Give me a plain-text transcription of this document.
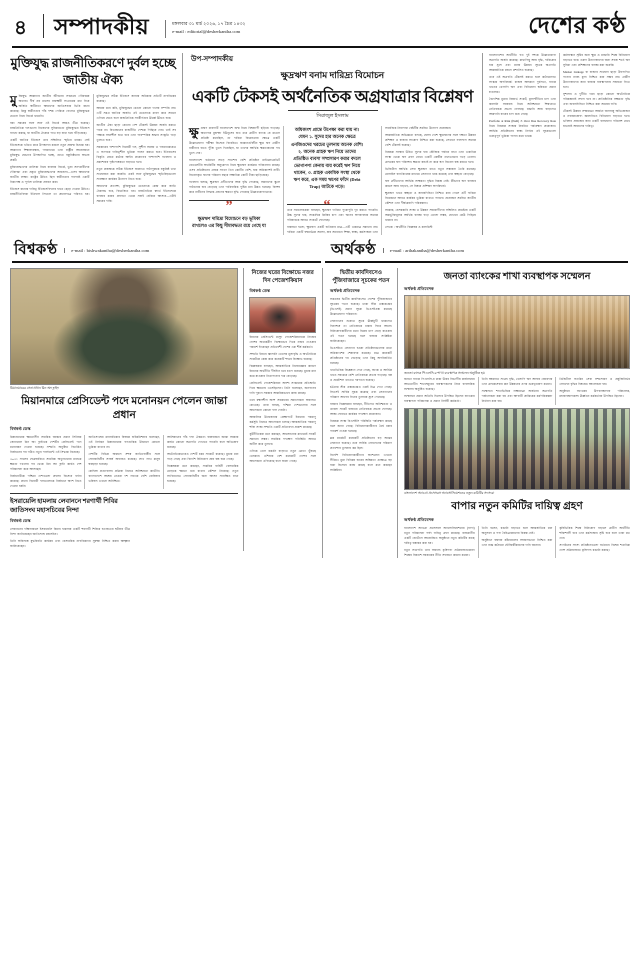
৪	সম্পাদকীয়	মঙ্গলবার ৩১ মার্চ ২০২৬, ১৭ চৈত্র ১৪৩২
e-mail : editorial@desherkantha.com	দেশের কণ্ঠ
মুক্তিযুদ্ধ রাজনীতিকরণে দুর্বল হচ্ছে জাতীয় ঐক্য

মুক্তিযুদ্ধ আমাদের জাতীয় জীবনের সবচেয়ে গৌরবময় অধ্যায়। দীর্ঘ নয় মাসের রক্তক্ষয়ী সংগ্রামের মধ্য দিয়ে অর্জিত স্বাধীনতা আমাদের জাতিসত্তার ভিত্তি রচনা করেছে। কিন্তু স্বাধীনতার পাঁচ দশক পেরিয়ে গেলেও মুক্তিযুদ্ধের চেতনা নিয়ে বিতর্ক থামেনি।

বরং সময়ের সঙ্গে সঙ্গে এই বিতর্ক আরও তীব্র হয়েছে। রাজনৈতিক দলগুলো নিজেদের সুবিধামতো মুক্তিযুদ্ধের ইতিহাস ব্যাখ্যা করছে, যা জাতীয় ঐক্যের পথে বড় বাধা হয়ে দাঁড়িয়েছে।

একটি জাতির ইতিহাস তার সম্মিলিত স্মৃতির ধারক। সেই ইতিহাসকে খণ্ডিত করে উপস্থাপন করলে নতুন প্রজন্ম বিভ্রান্ত হয়। আমাদের শিক্ষাব্যবস্থায়, গণমাধ্যমে এবং রাষ্ট্রীয় আয়োজনে মুক্তিযুদ্ধ যেভাবে উপস্থাপিত হচ্ছে, তাতে বস্তুনিষ্ঠতার অভাব প্রকট।

মুক্তিযোদ্ধাদের তালিকা নিয়ে বারবার বিতর্ক, ভুয়া সনদধারীদের দৌরাত্ম্য এবং প্রকৃত মুক্তিযোদ্ধাদের অবহেলা—এসব আমাদের জাতীয় লজ্জা। রাষ্ট্রের উচিত ছিল স্বাধীনতার পরপরই একটি নিরপেক্ষ ও পূর্ণাঙ্গ তালিকা প্রণয়ন করা।

ইতিহাস রচনার দায়িত্ব ইতিহাসবিদদের হাতে ছেড়ে দেওয়া উচিত। রাজনীতিবিদরা ইতিহাস লিখলে তা প্রচারপত্রে পরিণত হয়। মুক্তিযুদ্ধের সঠিক ইতিহাস জানার অধিকার প্রতিটি নাগরিকের রয়েছে।

আমরা মনে করি, মুক্তিযুদ্ধের চেতনা কোনো দলের সম্পত্তি নয়। এটি সমগ্র জাতির অর্জন। এই চেতনাকে ধারণ করে সামনে এগিয়ে যেতে হলে রাজনৈতিক সংকীর্ণতার ঊর্ধ্বে উঠতে হবে।

জাতীয় ঐক্য ছাড়া কোনো দেশ টেকসই উন্নয়ন অর্জন করতে পারে না। বিভাজনের রাজনীতি দেশকে পিছিয়ে দেয়। তাই সব পক্ষকে সহনশীল হতে হবে এবং পারস্পরিক শ্রদ্ধার সংস্কৃতি গড়ে তুলতে হবে।

সরকারের পাশাপাশি বিরোধী দল, সুশীল সমাজ ও গণমাধ্যমকেও এ ব্যাপারে দায়িত্বশীল ভূমিকা পালন করতে হবে। ইতিহাসের বিকৃতি রোধে কঠোর আইন প্রয়োগের পাশাপাশি গবেষণা ও প্রকাশনায় পৃষ্ঠপোষকতা বাড়াতে হবে।

নতুন প্রজন্মকে সঠিক ইতিহাস জানাতে পাঠ্যপুস্তকে বস্তুনিষ্ঠ তথ্য সংযোজন করা জরুরি। একই সঙ্গে মুক্তিযুদ্ধের স্মৃতিচিহ্নগুলো সংরক্ষণে কার্যকর উদ্যোগ নিতে হবে।

আমাদের প্রত্যাশা, মুক্তিযুদ্ধের চেতনাকে কেন্দ্র করে জাতি ঐক্যবদ্ধ হবে, বিভাজিত নয়। রাজনৈতিক স্বার্থে ইতিহাসকে ব্যবহার করার প্রবণতা থেকে সবাই বেরিয়ে আসবে—এটাই সময়ের দাবি।

উপ-সম্পাদকীয়
ক্ষুদ্রঋণ বনাম দারিদ্র্য বিমোচন
একটি টেকসই অর্থনৈতিক অগ্রযাত্রার বিশ্লেষণ
সিরাজুল ইসলাম

ক্ষু দ্রঋণ ধারণাটি বাংলাদেশে জন্ম নিয়ে বিশ্বব্যাপী ছড়িয়ে পড়েছে। অধ্যাপক মুহাম্মদ ইউনূসের হাত ধরে গ্রামীণ ব্যাংক যে মডেল প্রতিষ্ঠা করেছিল, তা দারিদ্র্য বিমোচনের ক্ষেত্রে একটি উল্লেখযোগ্য পরীক্ষা হিসেবে বিবেচিত। জামানতবিহীন ক্ষুদ্র ঋণ গ্রামীণ নারীদের হাতে পুঁজি তুলে দিয়েছিল, যা তাদের আর্থিক ক্ষমতায়নের পথ খুলে দেয়।

বাংলাদেশে বর্তমানে সাড়ে সাতশ'র বেশি প্রতিষ্ঠান মাইক্রোক্রেডিট রেগুলেটরি অথরিটির অনুমোদন নিয়ে ক্ষুদ্রঋণ কার্যক্রম পরিচালনা করছে। এসব প্রতিষ্ঠানের গ্রাহক সংখ্যা তিন কোটির বেশি, যার অধিকাংশই নারী। বিতরণকৃত ঋণের পরিমাণ বছরে লক্ষাধিক কোটি টাকা ছাড়িয়েছে।

গবেষণা বলছে, ক্ষুদ্রঋণ গ্রহীতাদের আয় বৃদ্ধি পেয়েছে, সন্তানদের স্কুলে পাঠানোর হার বেড়েছে এবং পারিবারিক পুষ্টির মান উন্নত হয়েছে। বিশেষ করে নারীদের সিদ্ধান্ত গ্রহণের ক্ষমতা বৃদ্ধি পেয়েছে উল্লেখযোগ্যভাবে।

”
ক্ষুদ্রঋণ দারিদ্র্য বিমোচনে বড় ভূমিকা রাখলেও এর কিছু সীমাবদ্ধতা রয়ে গেছে যা অধিকাংশ প্রান্তে উপেক্ষা করা যায় না। যেমন ১. সুদের হার অনেক ক্ষেত্রে এনজিওদের খরচের তুলনায় অনেক বেশি। ২. অনেক গ্রাহক ঋণ নিয়ে তাদের প্রতিষ্ঠিত ব্যবসা সম্প্রসারণ করার বদলে ভোগ্যপণ্য কেনায় ব্যয় করেই ঋণ নিয়ে থাকেন, ৩. গ্রাহক একাধিক সংস্থা থেকে ঋণ করে, এক সময় ঋণের ফাঁদে (Debt Trap) আটকে পড়ে।
”

তবে সমালোচকরা বলছেন, ক্ষুদ্রঋণ দারিদ্র্য পুরোপুরি দূর করতে পারেনি। উচ্চ সুদের হার, সাপ্তাহিক কিস্তির চাপ এবং ঋণের অপব্যবহার অনেক পরিবারকে আরও সংকটে ফেলেছে।

বাস্তবতা হলো, ক্ষুদ্রঋণ একটি হাতিয়ার মাত্র—এটি একমাত্র সমাধান নয়। দারিদ্র্য একটি বহুমাত্রিক সমস্যা, যার সমাধানে শিক্ষা, স্বাস্থ্য, কর্মসংস্থান এবং সামাজিক নিরাপত্তা বেষ্টনীর সমন্বিত উদ্যোগ প্রয়োজন।

আন্তর্জাতিক অভিজ্ঞতা বলছে, যেসব দেশে ক্ষুদ্রঋণের সঙ্গে দক্ষতা উন্নয়ন প্রশিক্ষণ ও বাজার সংযোগ নিশ্চিত করা হয়েছে, সেখানে ফলাফল অনেক বেশি টেকসই হয়েছে।

নিয়ন্ত্রক সংস্থার উচিত সুদের হার যৌক্তিক পর্যায়ে রাখা এবং একাধিক সংস্থা থেকে ঋণ গ্রহণ রোধে একটি কেন্দ্রীয় তথ্যভাণ্ডার গড়ে তোলা। গ্রাহকের ঋণ পরিশোধ ক্ষমতা যাচাই না করে ঋণ বিতরণ বন্ধ করতে হবে।

ডিজিটাল আর্থিক সেবা ক্ষুদ্রঋণ খাতে নতুন সম্ভাবনা তৈরি করেছে। মোবাইল ব্যাংকিংয়ের মাধ্যমে লেনদেন খরচ কমেছে এবং স্বচ্ছতা বেড়েছে।

ঋণ গ্রহীতাদের আর্থিক সাক্ষরতা বৃদ্ধির বিকল্প নেই। কীভাবে ঋণ ব্যবহার করলে আয় বাড়বে, সে বিষয়ে প্রশিক্ষণ অপরিহার্য।

ক্ষুদ্রঋণ খাতে স্বচ্ছতা ও জবাবদিহিতা নিশ্চিত করা গেলে এটি দারিদ্র্য বিমোচনে আরও কার্যকর ভূমিকা রাখতে পারবে। প্রয়োজন সমন্বিত জাতীয় কৌশল এবং দীর্ঘমেয়াদি পরিকল্পনা।

সরকার, বেসরকারি সংস্থা ও উন্নয়ন সহযোগীদের সম্মিলিত প্রচেষ্টায় একটি অন্তর্ভুক্তিমূলক আর্থিক ব্যবস্থা গড়ে তোলা সম্ভব, যেখানে কেউ পিছিয়ে থাকবে না।

লেখক : অর্থনীতি বিশ্লেষক ও কলামিস্ট

বাংলাদেশের অর্থনীতি গত দুই দশকে উল্লেখযোগ্য অগ্রগতি অর্জন করেছে। মাথাপিছু আয় বৃদ্ধি, দারিদ্র্যের হার হ্রাস এবং মানব উন্নয়ন সূচকে অগ্রগতি আন্তর্জাতিক মহলে প্রশংসিত হয়েছে।

তবে এই অগ্রগতি টেকসই করতে হলে কাঠামোগত সংস্কার অপরিহার্য। রাজস্ব আহরণে দুর্বলতা, ব্যাংক খাতের খেলাপি ঋণ এবং বিনিয়োগ স্থবিরতা প্রধান চ্যালেঞ্জ।

বৈদেশিক মুদ্রার রিজার্ভ সংকট, মূল্যস্ফীতির চাপ এবং জ্বালানি সরবরাহ নিয়ে অনিশ্চয়তা শিল্পখাতে নেতিবাচক প্রভাব ফেলছে। রপ্তানি আয় বাড়লেও আমদানি ব্যয়ের চাপ রয়ে গেছে।

Portfolio at Risk (PAR) ও Over Due Recovery Rate নিয়ে নিয়ন্ত্রক সংস্থার নিয়মিত পর্যবেক্ষণ প্রয়োজন। আর্থিক প্রতিষ্ঠানের স্বাস্থ্য নির্ণয়ে এই সূচকগুলো গুরুত্বপূর্ণ ভূমিকা পালন করে থাকে।

কর্মসংস্থান সৃষ্টির জন্য ক্ষুদ্র ও মাঝারি শিল্পে বিনিয়োগ বাড়াতে হবে। তরুণ উদ্যোক্তাদের জন্য সহজ শর্তে ঋণ সুবিধা এবং প্রশিক্ষণের ব্যবস্থা করা জরুরি।

Market Linkage বা বাজার সংযোগ ছাড়া উৎপাদিত পণ্যের ন্যায্য মূল্য নিশ্চিত করা সম্ভব নয়। গ্রামীণ উদ্যোক্তাদের জন্য বাজার ব্যবস্থাপনায় সহায়তা দিতে হবে।

সুশাসন ও দুর্নীতি দমন ছাড়া কোনো অর্থনৈতিক পরিকল্পনাই সফল হবে না। প্রাতিষ্ঠানিক সক্ষমতা বৃদ্ধি এবং জবাবদিহিতা নিশ্চিত করা সময়ের দাবি।

টেকসই উন্নয়ন লক্ষ্যমাত্রা অর্জনে জলবায়ু অভিযোজন ও নবায়নযোগ্য জ্বালানিতে বিনিয়োগ বাড়াতে হবে। ভবিষ্যৎ প্রজন্মের জন্য একটি বাসযোগ্য পরিবেশ রেখে যাওয়াই আমাদের দায়িত্ব।

বিশ্বকণ্ঠ	e-mail : bishwakantha@desherkantha.com	অর্থকণ্ঠ	e-mail : arthakantha@desherkantha.com
মিয়ানমারের সেনাপ্রধান মিন অং হ্লাইং
মিয়ানমারে প্রেসিডেন্ট পদে মনোনয়ন পেলেন জান্তা প্রধান
বিশ্বকণ্ঠ ডেস্ক

মিয়ানমারের ক্ষমতাসীন সামরিক জান্তার প্রধান সিনিয়র জেনারেল মিন অং হ্লাইংকে দেশটির প্রেসিডেন্ট পদে মনোনয়ন দেওয়া হয়েছে। সম্প্রতি অনুষ্ঠিত বিতর্কিত নির্বাচনের পর গঠিত নতুন পার্লামেন্ট এই সিদ্ধান্ত নিয়েছে।

২০২১ সালের ফেব্রুয়ারিতে সামরিক অভ্যুত্থানের মাধ্যমে ক্ষমতা দখলের পর থেকে মিন অং হ্লাইং কার্যত দেশ পরিচালনা করে আসছেন।

নির্বাচনটিকে পশ্চিমা দেশগুলো প্রহসন হিসেবে বর্ণনা করেছে। প্রধান বিরোধী দলগুলোকে নির্বাচনে অংশ নিতে দেওয়া হয়নি।

জাতিসংঘের মানবাধিকার বিষয়ক হাইকমিশনার বলেছেন, এই নির্বাচন মিয়ানমারের গণতান্ত্রিক উত্তরণে কোনো ভূমিকা রাখবে না।

দেশটির বিভিন্ন অঞ্চলে সশস্ত্র জাতিগোষ্ঠীর সঙ্গে সেনাবাহিনীর সংঘর্ষ অব্যাহত রয়েছে। লাখ লাখ মানুষ ঘরছাড়া হয়েছে।

রোহিঙ্গা প্রত্যাবাসন প্রক্রিয়া নিয়েও অনিশ্চয়তা কাটেনি। বাংলাদেশে আশ্রয় নেওয়া দশ লাখের বেশি রোহিঙ্গার ভবিষ্যৎ এখনো অনিশ্চিত।

আসিয়ানের পাঁচ দফা ঐকমত্য বাস্তবায়নে জান্তা সরকার কার্যত কোনো অগ্রগতি দেখাতে পারেনি বলে অভিযোগ রয়েছে।

অর্থনৈতিকভাবেও দেশটি চরম সংকটে রয়েছে। মুদ্রার মান পড়ে গেছে এবং বিদেশি বিনিয়োগ প্রায় বন্ধ হয়ে গেছে।

বিশ্লেষকরা মনে করছেন, সামরিক বাহিনী বেসামরিক মোড়কে ক্ষমতা ধরে রাখার কৌশল নিয়েছে। নতুন সংবিধানেও সেনাবাহিনীর জন্য আসন সংরক্ষিত রাখা হয়েছে।

ইসরায়েলি হামলায় লেবাননে শরণার্থী শিবির জাতিসংঘ মহাসচিবের নিন্দা
বিশ্বকণ্ঠ ডেস্ক

লেবাননের দক্ষিণাঞ্চলে ইসরায়েলি বিমান হামলায় একটি শরণার্থী শিবিরে হতাহতের ঘটনায় তীব্র নিন্দা জানিয়েছেন জাতিসংঘ মহাসচিব।

তিনি অবিলম্বে যুদ্ধবিরতি কার্যকর এবং বেসামরিক নাগরিকদের সুরক্ষা নিশ্চিত করার আহ্বান জানিয়েছেন।

নিজের ঘরের বিক্ষোভে নজর দিন পেজেশকিয়ান
বিশ্বকণ্ঠ ডেস্ক

ইরানের প্রেসিডেন্ট মাসুদ পেজেশকিয়ানকে নিজের দেশের অভ্যন্তরীণ বিক্ষোভের দিকে নজর দেওয়ার পরামর্শ দিয়েছেন প্রতিবেশী দেশের এক শীর্ষ কর্মকর্তা।

সম্প্রতি ইরানে জ্বালানি তেলের মূল্যবৃদ্ধি ও অর্থনৈতিক সংকটকে কেন্দ্র করে কয়েকটি শহরে বিক্ষোভ হয়েছে।

বিশ্লেষকরা বলছেন, আন্তর্জাতিক নিষেধাজ্ঞার কারণে ইরানের অর্থনীতি দীর্ঘদিন ধরে চাপে রয়েছে। মুদ্রার মান কমে যাওয়ায় নিত্যপণ্যের দাম বেড়েছে।

প্রেসিডেন্ট পেজেশকিয়ান অবশ্য সংস্কারের প্রতিশ্রুতি দিয়ে ক্ষমতায় এসেছিলেন। তিনি বলেছেন, জনগণের দাবি পূরণে সরকার আন্তরিকভাবে কাজ করছে।

তবে রক্ষণশীল অংশ সরকারের সমালোচনা অব্যাহত রেখেছে। তারা বলছে, পশ্চিমা দেশগুলোর সঙ্গে আলোচনা কোনো ফল দেয়নি।

আঞ্চলিক উত্তেজনার প্রেক্ষাপটে ইরানের পরমাণু কর্মসূচি নিয়েও আলোচনা চলছে। আন্তর্জাতিক পরমাণু শক্তি সংস্থা সম্প্রতি একটি প্রতিবেদন প্রকাশ করেছে।

কূটনীতিকরা মনে করছেন, আলোচনার মাধ্যমেই সংকট সমাধান সম্ভব। সামরিক পদক্ষেপ পরিস্থিতি আরও জটিল করে তুলবে।

এদিকে তেল রপ্তানি বাড়াতে নতুন ক্রেতা খুঁজছে তেহরান। এশিয়ার বেশ কয়েকটি দেশের সঙ্গে আলোচনা এগিয়েছে বলে জানা গেছে।

দ্বিতীয় কার্যদিবসেও পুঁজিবাজারে সূচকের পতন
অর্থকণ্ঠ প্রতিবেদক

সপ্তাহের দ্বিতীয় কার্যদিবসেও দেশের পুঁজিবাজারে সূচকের পতন হয়েছে। ঢাকা স্টক এক্সচেঞ্জের (ডিএসই) প্রধান সূচক ডিএসইএক্স কমেছে উল্লেখযোগ্য পরিমাণে।

লেনদেনের শুরুতে সূচক ঊর্ধ্বমুখী থাকলেও দিনশেষে তা নেতিবাচক ধারায় ফিরে আসে। বিনিয়োগকারীদের মধ্যে বিক্রয় চাপ বেড়ে যাওয়ায় এই পতন হয়েছে বলে বাজার সংশ্লিষ্টরা জানিয়েছেন।

ডিএসইতে লেনদেন হওয়া প্রতিষ্ঠানগুলোর মধ্যে অধিকাংশের শেয়ারদর কমেছে। মাত্র কয়েকটি প্রতিষ্ঠানের দর বেড়েছে এবং কিছু অপরিবর্তিত রয়েছে।

খাতভিত্তিক বিশ্লেষণে দেখা গেছে, ব্যাংক ও আর্থিক খাতে সবচেয়ে বেশি নেতিবাচক প্রভাব পড়েছে। বস্ত্র ও প্রকৌশল খাতেও দরপতন হয়েছে।

চট্টগ্রাম স্টক এক্সচেঞ্জেও একই চিত্র দেখা গেছে। সিএসই সার্বিক সূচক কমেছে এবং লেনদেনের পরিমাণ আগের দিনের তুলনায় হ্রাস পেয়েছে।

বাজার বিশ্লেষকরা বলছেন, নীতিগত অনিশ্চয়তা ও তারল্য সংকট বাজারে নেতিবাচক প্রভাব ফেলছে। আস্থা ফেরাতে কার্যকর পদক্ষেপ প্রয়োজন।

নিয়ন্ত্রক সংস্থা বিএসইসি পরিস্থিতি পর্যবেক্ষণ করছে বলে জানা গেছে। বিনিয়োগকারীদের ধৈর্য ধরার পরামর্শ দেওয়া হয়েছে।

ব্লক মার্কেটে কয়েকটি প্রতিষ্ঠানের বড় অঙ্কের লেনদেন হয়েছে। তবে সার্বিক লেনদেনের পরিমাণ প্রত্যাশার তুলনায় কম ছিল।

বিদেশি বিনিয়োগকারীদের অংশগ্রহণ এখনো সীমিত। মুদ্রা বিনিময় হারের অস্থিরতা এক্ষেত্রে বড় বাধা হিসেবে কাজ করছে বলে মনে করছেন সংশ্লিষ্টরা।

জনতা ব্যাংকের শাখা ব্যবস্থাপক সম্মেলন
অর্থকণ্ঠ প্রতিবেদক
জনতা ব্যাংক পিএলসি-র শাখা ব্যবস্থাপক সম্মেলন অনুষ্ঠিত হয়

জনতা ব্যাংক পিএলসি-র ঢাকা উত্তর বিভাগীয় কার্যালয়ের আওতাধীন শাখাসমূহের ব্যবস্থাপকদের নিয়ে ব্যবসায়িক সম্মেলন অনুষ্ঠিত হয়েছে।

সম্মেলনে প্রধান অতিথি হিসেবে উপস্থিত ছিলেন ব্যাংকের ব্যবস্থাপনা পরিচালক ও প্রধান নির্বাহী কর্মকর্তা।

তিনি আমানত সংগ্রহ বৃদ্ধি, খেলাপি ঋণ আদায় জোরদার এবং গ্রাহকসেবার মান উন্নয়নের ওপর গুরুত্বারোপ করেন।

সম্মেলনে শাখাভিত্তিক লক্ষ্যমাত্রা অর্জনের অগ্রগতি পর্যালোচনা করা হয় এবং আগামী প্রান্তিকের কর্মপরিকল্পনা নির্ধারণ করা হয়।

ডিজিটাল ব্যাংকিং সেবা সম্প্রসারণ ও প্রযুক্তিনির্ভর লেনদেন বৃদ্ধির বিষয়েও আলোচনা হয়।

অনুষ্ঠানে ব্যাংকের উপব্যবস্থাপনা পরিচালক, মহাব্যবস্থাপকসহ ঊর্ধ্বতন কর্মকর্তারা উপস্থিত ছিলেন।

বাংলাদেশ অ্যাগ্রো প্রসেসরস অ্যাসোসিয়েশনের নতুন কমিটির সদস্যরা
বাপার নতুন কমিটির দায়িত্ব গ্রহণ
অর্থকণ্ঠ প্রতিবেদক

বাংলাদেশ অ্যাগ্রো প্রসেসরস অ্যাসোসিয়েশনের (বাপা) নতুন পরিচালনা পর্ষদ দায়িত্ব গ্রহণ করেছে। রাজধানীর একটি হোটেলে আয়োজিত অনুষ্ঠানে নতুন কমিটির কাছে দায়িত্ব হস্তান্তর করা হয়।

নতুন সভাপতি তার বক্তব্যে কৃষিপণ্য প্রক্রিয়াজাতকরণ শিল্পের বিকাশে সরকারের নীতি সহায়তা কামনা করেন।

তিনি বলেন, রপ্তানি বাড়াতে হলে আন্তর্জাতিক মান অনুসরণ ও পণ্য বৈচিত্র্যকরণের বিকল্প নেই।

অনুষ্ঠানে বক্তারা কাঁচামালের সহজলভ্যতা নিশ্চিত করা এবং শুল্ক কাঠামো যৌক্তিকীকরণের দাবি জানান।

কৃষিভিত্তিক শিল্পে বিনিয়োগ বাড়লে গ্রামীণ অর্থনীতি শক্তিশালী হবে এবং কর্মসংস্থান সৃষ্টি হবে বলে তারা মত দেন।

সংগঠনের সদস্য প্রতিষ্ঠানগুলো বর্তমানে বিশ্বের শতাধিক দেশে প্রক্রিয়াজাত কৃষিপণ্য রপ্তানি করছে।
